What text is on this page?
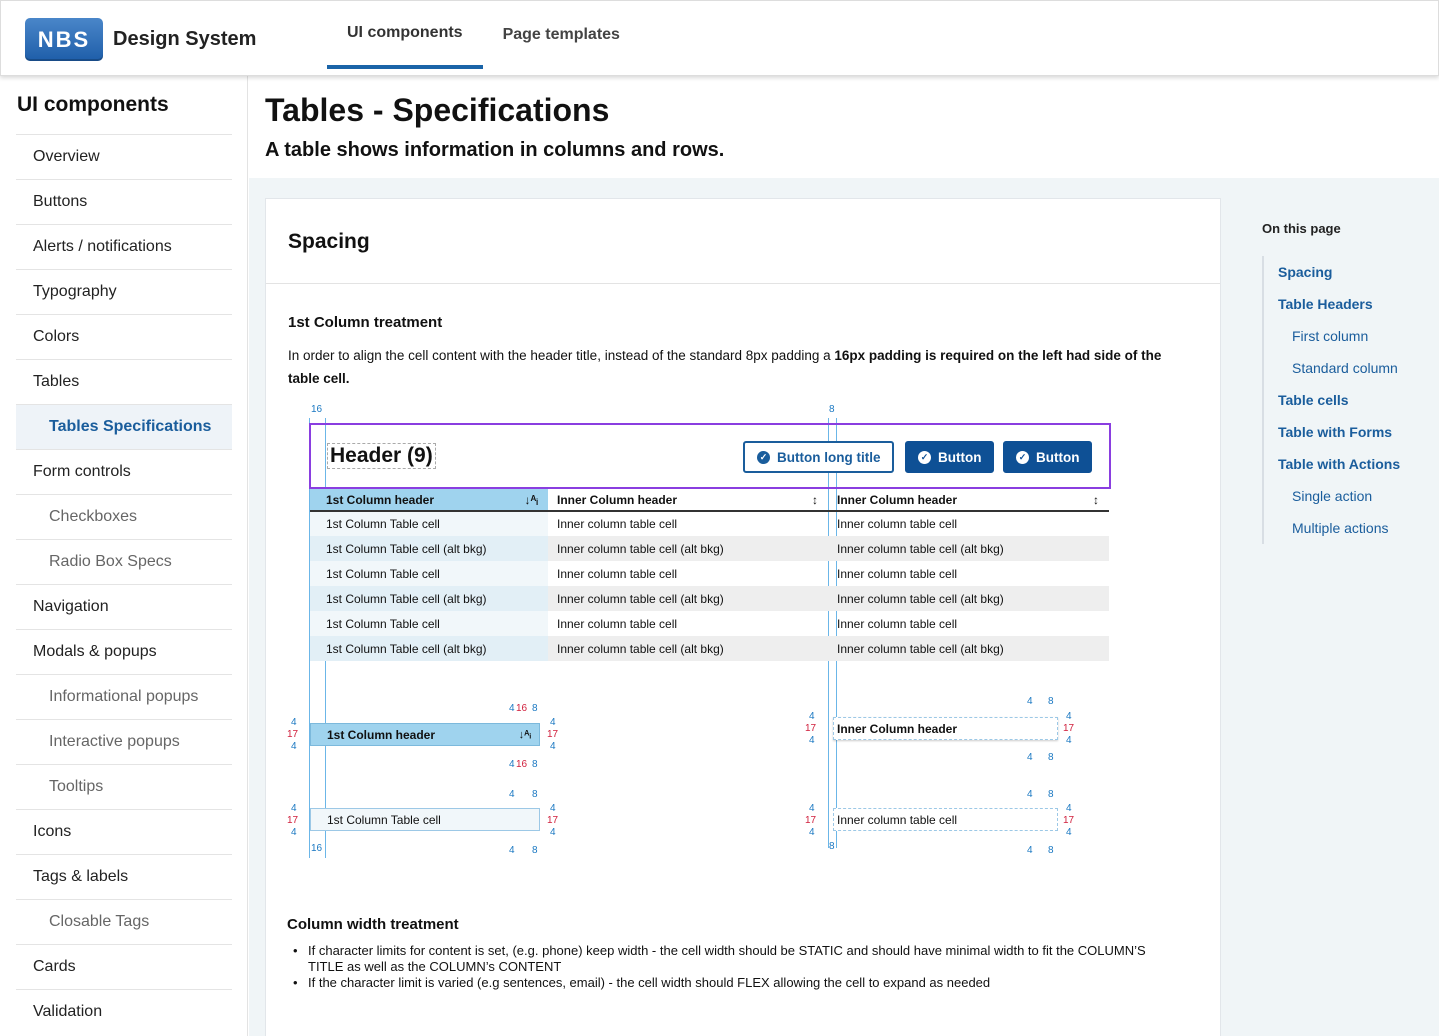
NBS	Design System	UI components	Page templates
UI components
Overview
Buttons
Alerts / notifications
Typography
Colors
Tables
Tables Specifications
Form controls
Checkboxes
Radio Box Specs
Navigation
Modals & popups
Informational popups
Interactive popups
Tooltips
Icons
Tags & labels
Closable Tags
Cards
Validation
Tables - Specifications
A table shows information in columns and rows.
Spacing
1st Column treatment
In order to align the cell content with the header title, instead of the standard 8px padding a 16px padding is required on the left had side of the table cell.
16	8
Header (9)	✓ Button long title	✓ Button	✓ Button
1st Column header ↓ᴬᵢ	Inner Column header ↕	Inner Column header ↕

1st Column Table cell	Inner column table cell	Inner column table cell
1st Column Table cell (alt bkg)	Inner column table cell (alt bkg)	Inner column table cell (alt bkg)
1st Column Table cell	Inner column table cell	Inner column table cell
1st Column Table cell (alt bkg)	Inner column table cell (alt bkg)	Inner column table cell (alt bkg)
1st Column Table cell	Inner column table cell	Inner column table cell
1st Column Table cell (alt bkg)	Inner column table cell (alt bkg)	Inner column table cell (alt bkg)
1st Column header	↓ᴬᵢ
4
17
4
4 16 8
4
17
4
4 16 8
Inner Column header
4
17
4
4 8
4
17
4
4 8
1st Column Table cell
4
17
4
16
4 8
4
17
4
4 8
Inner column table cell
4
17
4
8
4 8
4
17
4
4 8
Column width treatment
• If character limits for content is set, (e.g. phone) keep width - the cell width should be STATIC and should have minimal width to fit the COLUMN’S TITLE as well as the COLUMN’s CONTENT
• If the character limit is varied (e.g sentences, email) - the cell width should FLEX allowing the cell to expand as needed
On this page
Spacing
Table Headers
First column
Standard column
Table cells
Table with Forms
Table with Actions
Single action
Multiple actions
